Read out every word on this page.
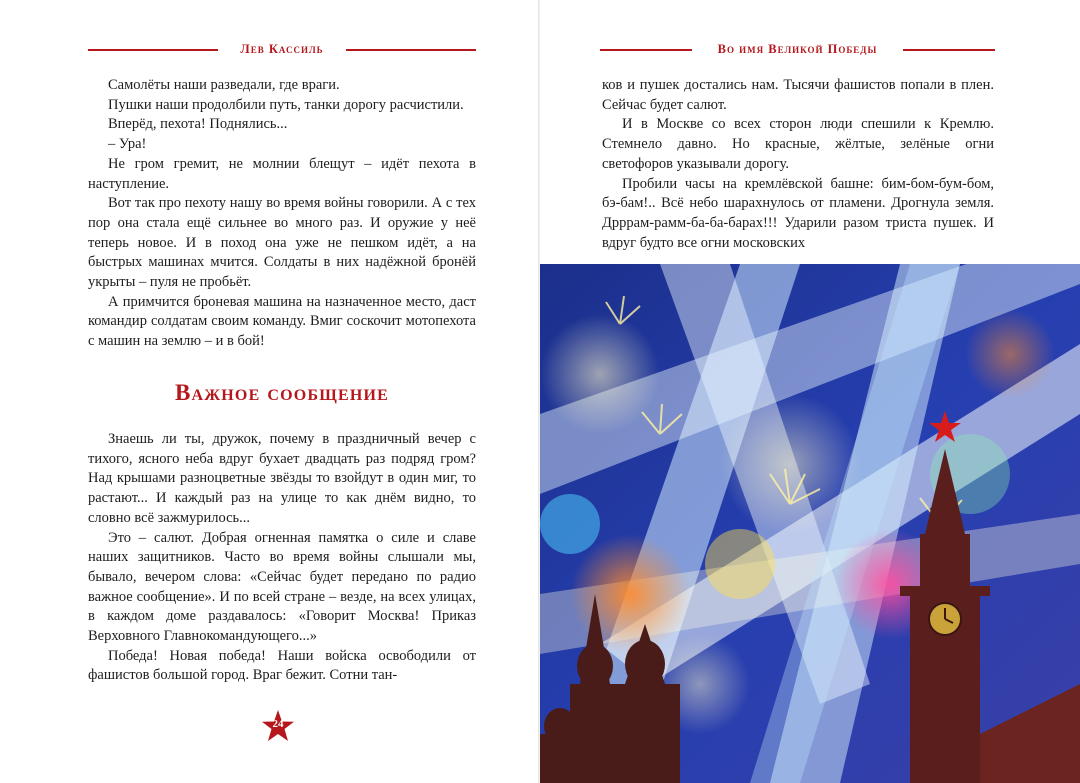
Лев Кассиль

Самолёты наши разведали, где враги.

Пушки наши продолбили путь, танки дорогу расчистили.

Вперёд, пехота! Поднялись...

– Ура!

Не гром гремит, не молнии блещут – идёт пехота в наступление.

Вот так про пехоту нашу во время войны говорили. А с тех пор она стала ещё сильнее во много раз. И оружие у неё теперь новое. И в поход она уже не пешком идёт, а на быстрых машинах мчится. Солдаты в них надёжной бронёй укрыты – пуля не пробьёт.

А примчится броневая машина на назначенное место, даст командир солдатам своим команду. Вмиг соскочит мотопехота с машин на землю – и в бой!

Важное сообщение

Знаешь ли ты, дружок, почему в праздничный вечер с тихого, ясного неба вдруг бухает двадцать раз подряд гром? Над крышами разноцветные звёзды то взойдут в один миг, то растают... И каждый раз на улице то как днём видно, то словно всё зажмурилось...

Это – салют. Добрая огненная памятка о силе и славе наших защитников. Часто во время войны слышали мы, бывало, вечером слова: «Сейчас будет передано по радио важное сообщение». И по всей стране – везде, на всех улицах, в каждом доме раздавалось: «Говорит Москва! Приказ Верховного Главнокомандующего...»

Победа! Новая победа! Наши войска освободили от фашистов большой город. Враг бежит. Сотни тан-

24
Во имя Великой Победы

ков и пушек достались нам. Тысячи фашистов попали в плен. Сейчас будет салют.

И в Москве со всех сторон люди спешили к Кремлю. Стемнело давно. Но красные, жёлтые, зелёные огни светофоров указывали дорогу.

Пробили часы на кремлёвской башне: бим-бом-бум-бом, бэ-бам!.. Всё небо шарахнулось от пламени. Дрогнула земля. Дрррам-рамм-ба-ба-барах!!! Ударили разом триста пушек. И вдруг будто все огни московских
